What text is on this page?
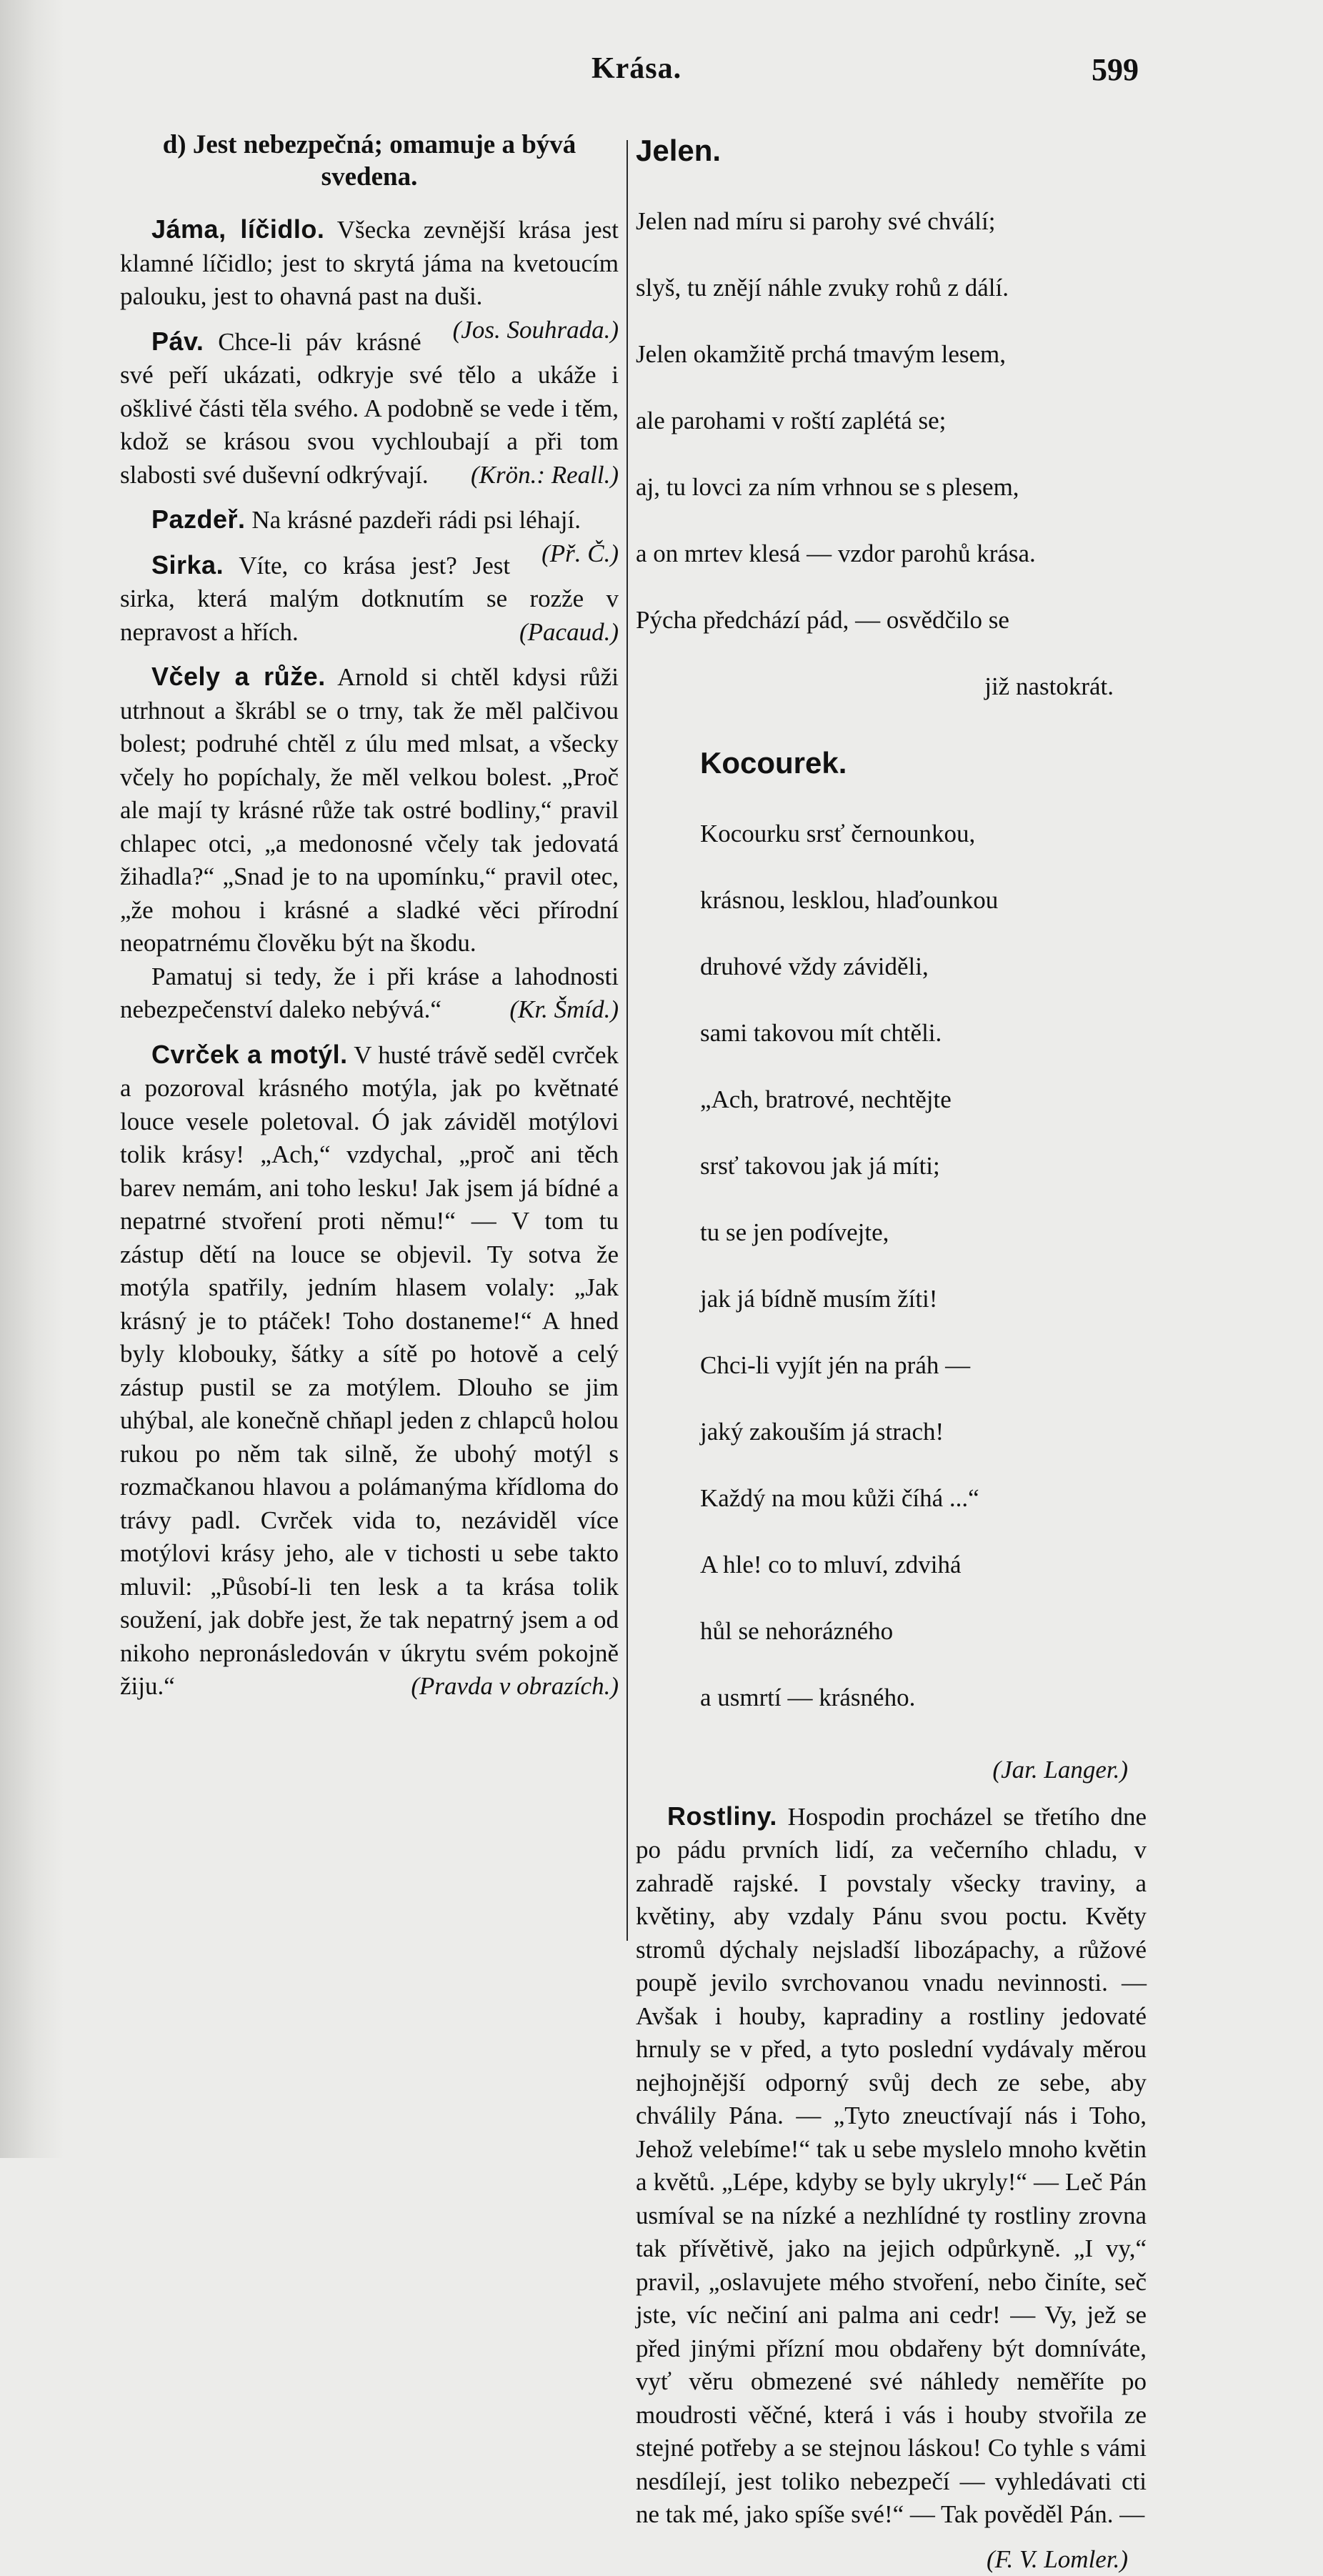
Krása.	599

d) Jest nebezpečná; omamuje a bývá svedena.

Jáma, líčidlo. Všecka zevnější krása jest klamné líčidlo; jest to skrytá jáma na kvetoucím palouku, jest to ohavná past na duši.
(Jos. Souhrada.)

Páv. Chce-li páv krásné své peří ukázati, odkryje své tělo a ukáže i ošklivé části těla svého. A podobně se vede i těm, kdož se krásou svou vychloubají a při tom slabosti své duševní odkrývají.	(Krön.: Reall.)

Pazdeř. Na krásné pazdeři rádi psi léhají.
(Př. Č.)

Sirka. Víte, co krása jest? Jest sirka, která malým dotknutím se rozže v nepravost a hřích.	(Pacaud.)

Včely a růže. Arnold si chtěl kdysi růži utrhnout a škrábl se o trny, tak že měl palčivou bolest; podruhé chtěl z úlu med mlsat, a všecky včely ho popíchaly, že měl velkou bolest. „Proč ale mají ty krásné růže tak ostré bodliny,“ pravil chlapec otci, „a medonosné včely tak jedovatá žihadla?“ „Snad je to na upomínku,“ pravil otec, „že mohou i krásné a sladké věci přírodní neopatrnému člověku být na škodu.

Pamatuj si tedy, že i při kráse a lahodnosti nebezpečenství daleko nebývá.“	(Kr. Šmíd.)

Cvrček a motýl. V husté trávě seděl cvrček a pozoroval krásného motýla, jak po květnaté louce vesele poletoval. Ó jak záviděl motýlovi tolik krásy! „Ach,“ vzdychal, „proč ani těch barev nemám, ani toho lesku! Jak jsem já bídné a nepatrné stvoření proti němu!“ — V tom tu zástup dětí na louce se objevil. Ty sotva že motýla spatřily, jedním hlasem volaly: „Jak krásný je to ptáček! Toho dostaneme!“ A hned byly klobouky, šátky a sítě po hotově a celý zástup pustil se za motýlem. Dlouho se jim uhýbal, ale konečně chňapl jeden z chlapců holou rukou po něm tak silně, že ubohý motýl s rozmačkanou hlavou a polámanýma křídloma do trávy padl. Cvrček vida to, nezáviděl více motýlovi krásy jeho, ale v tichosti u sebe takto mluvil: „Působí-li ten lesk a ta krása tolik soužení, jak dobře jest, že tak nepatrný jsem a od nikoho nepronásledován v úkrytu svém pokojně žiju.“	(Pravda v obrazích.)

Jelen.

Jelen nad míru si parohy své chválí;

slyš, tu znějí náhle zvuky rohů z dálí.

Jelen okamžitě prchá tmavým lesem,

ale parohami v roští zaplétá se;

aj, tu lovci za ním vrhnou se s plesem,

a on mrtev klesá — vzdor parohů krása.

Pýcha předchází pád, — osvědčilo se

již nastokrát.

Kocourek.

Kocourku srsť černounkou,

krásnou, lesklou, hlaďounkou

druhové vždy záviděli,

sami takovou mít chtěli.

„Ach, bratrové, nechtějte

srsť takovou jak já míti;

tu se jen podívejte,

jak já bídně musím žíti!

Chci-li vyjít jén na práh —

jaký zakouším já strach!

Každý na mou kůži číhá ...“

A hle! co to mluví, zdvihá

hůl se nehorázného

a usmrtí — krásného.

(Jar. Langer.)

Rostliny. Hospodin procházel se třetího dne po pádu prvních lidí, za večerního chladu, v zahradě rajské. I povstaly všecky traviny, a květiny, aby vzdaly Pánu svou poctu. Květy stromů dýchaly nejsladší libozápachy, a růžové poupě jevilo svrchovanou vnadu nevinnosti. — Avšak i houby, kapradiny a rostliny jedovaté hrnuly se v před, a tyto poslední vydávaly měrou nejhojnější odporný svůj dech ze sebe, aby chválily Pána. — „Tyto zneuctívají nás i Toho, Jehož velebíme!“ tak u sebe myslelo mnoho květin a květů. „Lépe, kdyby se byly ukryly!“ — Leč Pán usmíval se na nízké a nezhlídné ty rostliny zrovna tak přívětivě, jako na jejich odpůrkyně. „I vy,“ pravil, „oslavujete mého stvoření, nebo činíte, seč jste, víc nečiní ani palma ani cedr! — Vy, jež se před jinými přízní mou obdařeny být domníváte, vyť věru obmezené své náhledy neměříte po moudrosti věčné, která i vás i houby stvořila ze stejné potřeby a se stejnou láskou! Co tyhle s vámi nesdílejí, jest toliko nebezpečí — vyhledávati cti ne tak mé, jako spíše své!“ — Tak pověděl Pán. —

(F. V. Lomler.)
